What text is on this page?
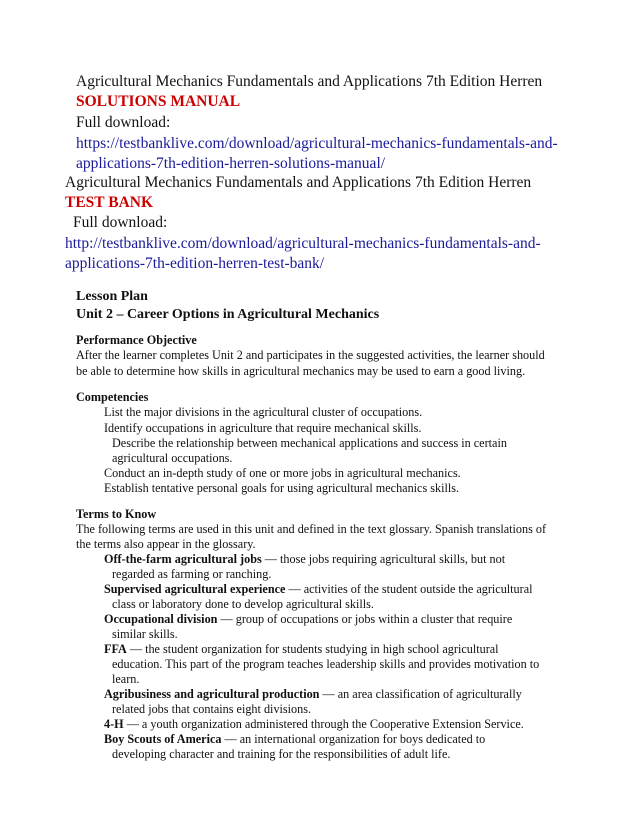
Agricultural Mechanics Fundamentals and Applications 7th Edition Herren
SOLUTIONS MANUAL
Full download:
https://testbanklive.com/download/agricultural-mechanics-fundamentals-and-
applications-7th-edition-herren-solutions-manual/
Agricultural Mechanics Fundamentals and Applications 7th Edition Herren
TEST BANK
Full download:
http://testbanklive.com/download/agricultural-mechanics-fundamentals-and-
applications-7th-edition-herren-test-bank/
Lesson Plan
Unit 2 – Career Options in Agricultural Mechanics
Performance Objective
After the learner completes Unit 2 and participates in the suggested activities, the learner should
be able to determine how skills in agricultural mechanics may be used to earn a good living.
Competencies
List the major divisions in the agricultural cluster of occupations.
Identify occupations in agriculture that require mechanical skills.
Describe the relationship between mechanical applications and success in certain
agricultural occupations.
Conduct an in-depth study of one or more jobs in agricultural mechanics.
Establish tentative personal goals for using agricultural mechanics skills.
Terms to Know
The following terms are used in this unit and defined in the text glossary. Spanish translations of
the terms also appear in the glossary.
Off-the-farm agricultural jobs — those jobs requiring agricultural skills, but not
regarded as farming or ranching.
Supervised agricultural experience — activities of the student outside the agricultural
class or laboratory done to develop agricultural skills.
Occupational division — group of occupations or jobs within a cluster that require
similar skills.
FFA — the student organization for students studying in high school agricultural
education. This part of the program teaches leadership skills and provides motivation to
learn.
Agribusiness and agricultural production — an area classification of agriculturally
related jobs that contains eight divisions.
4-H — a youth organization administered through the Cooperative Extension Service.
Boy Scouts of America — an international organization for boys dedicated to
developing character and training for the responsibilities of adult life.
